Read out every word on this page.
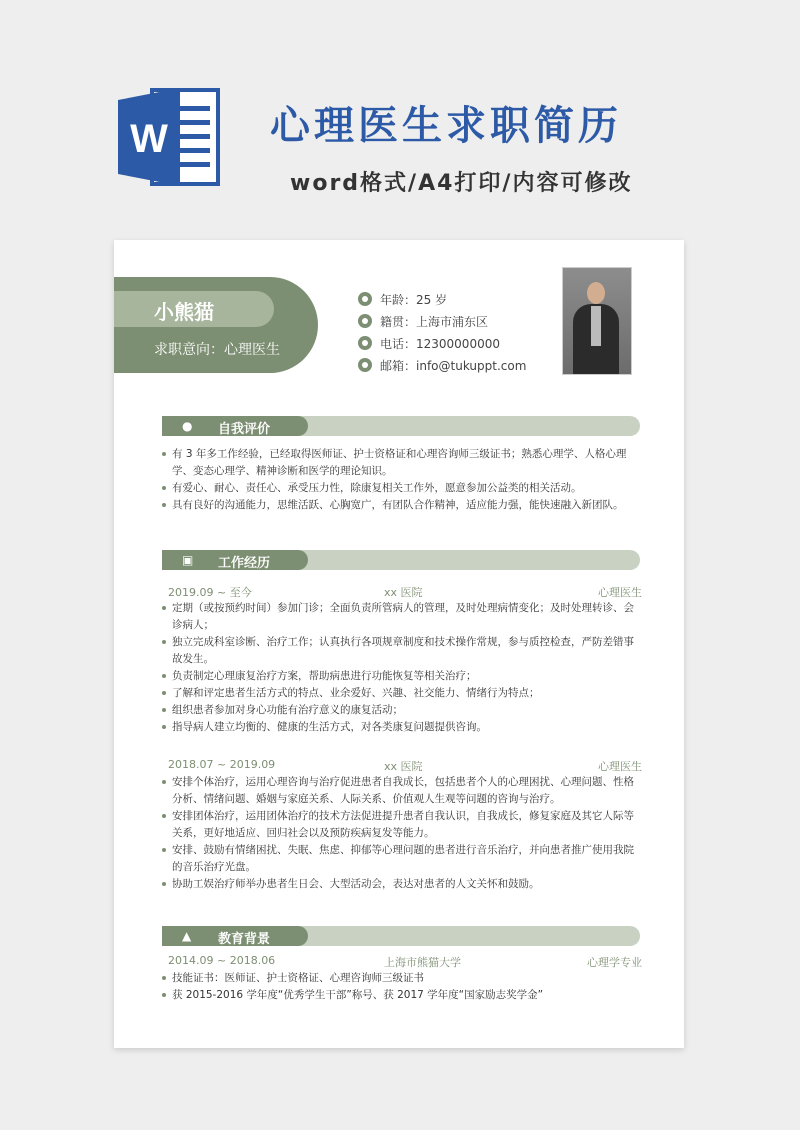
W	心理医生求职简历
word格式/A4打印/内容可修改
小熊猫
求职意向：心理医生
年龄：25 岁
籍贯：上海市浦东区
电话：12300000000
邮箱：info@tukuppt.com
● 自我评价
有 3 年多工作经验，已经取得医师证、护士资格证和心理咨询师三级证书；熟悉心理学、人格心理学、变态心理学、精神诊断和医学的理论知识。
有爱心、耐心、责任心、承受压力性，除康复相关工作外，愿意参加公益类的相关活动。
具有良好的沟通能力，思维活跃、心胸宽广，有团队合作精神，适应能力强，能快速融入新团队。
▣ 工作经历
2019.09 ~ 至今	xx 医院	心理医生
定期（或按预约时间）参加门诊；全面负责所管病人的管理，及时处理病情变化；及时处理转诊、会诊病人；
独立完成科室诊断、治疗工作；认真执行各项规章制度和技术操作常规，参与质控检查，严防差错事故发生。
负责制定心理康复治疗方案，帮助病患进行功能恢复等相关治疗；
了解和评定患者生活方式的特点、业余爱好、兴趣、社交能力、情绪行为特点；
组织患者参加对身心功能有治疗意义的康复活动；
指导病人建立均衡的、健康的生活方式，对各类康复问题提供咨询。
2018.07 ~ 2019.09	xx 医院	心理医生
安排个体治疗，运用心理咨询与治疗促进患者自我成长，包括患者个人的心理困扰、心理问题、性格分析、情绪问题、婚姻与家庭关系、人际关系、价值观人生观等问题的咨询与治疗。
安排团体治疗，运用团体治疗的技术方法促进提升患者自我认识，自我成长，修复家庭及其它人际等关系，更好地适应、回归社会以及预防疾病复发等能力。
安排、鼓励有情绪困扰、失眠、焦虑、抑郁等心理问题的患者进行音乐治疗，并向患者推广使用我院的音乐治疗光盘。
协助工娱治疗师举办患者生日会、大型活动会，表达对患者的人文关怀和鼓励。
▲ 教育背景
2014.09 ~ 2018.06	上海市熊猫大学	心理学专业
技能证书：医师证、护士资格证、心理咨询师三级证书
获 2015-2016 学年度“优秀学生干部”称号、获 2017 学年度“国家励志奖学金”
